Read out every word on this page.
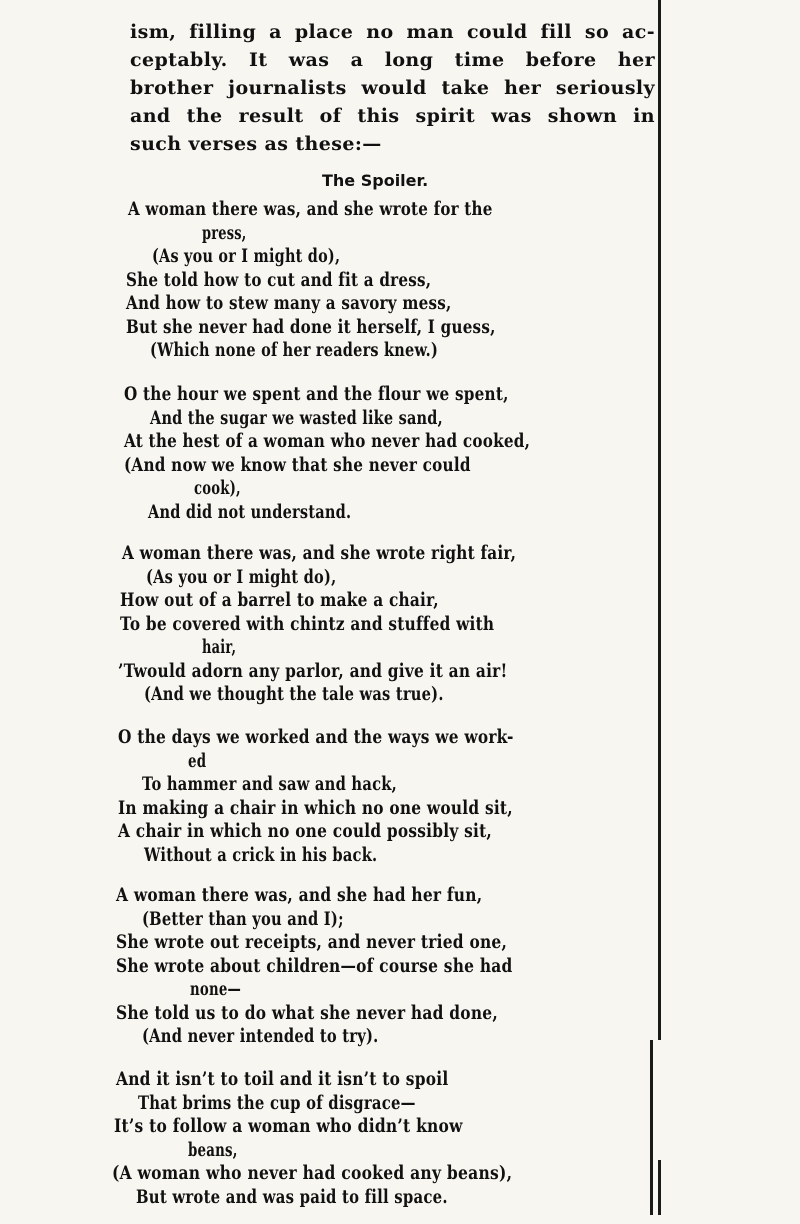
ism, filling a place no man could fill so ac-
ceptably. It was a long time before her
brother journalists would take her seriously
and the result of this spirit was shown in
such verses as these:—
The Spoiler.
A woman there was, and she wrote for the
press,
(As you or I might do),
She told how to cut and fit a dress,
And how to stew many a savory mess,
But she never had done it herself, I guess,
(Which none of her readers knew.)
O the hour we spent and the flour we spent,
And the sugar we wasted like sand,
At the hest of a woman who never had cooked,
(And now we know that she never could
cook),
And did not understand.
A woman there was, and she wrote right fair,
(As you or I might do),
How out of a barrel to make a chair,
To be covered with chintz and stuffed with
hair,
’Twould adorn any parlor, and give it an air!
(And we thought the tale was true).
O the days we worked and the ways we work-
ed
To hammer and saw and hack,
In making a chair in which no one would sit,
A chair in which no one could possibly sit,
Without a crick in his back.
A woman there was, and she had her fun,
(Better than you and I);
She wrote out receipts, and never tried one,
She wrote about children—of course she had
none—
She told us to do what she never had done,
(And never intended to try).
And it isn’t to toil and it isn’t to spoil
That brims the cup of disgrace—
It’s to follow a woman who didn’t know
beans,
(A woman who never had cooked any beans),
But wrote and was paid to fill space.
